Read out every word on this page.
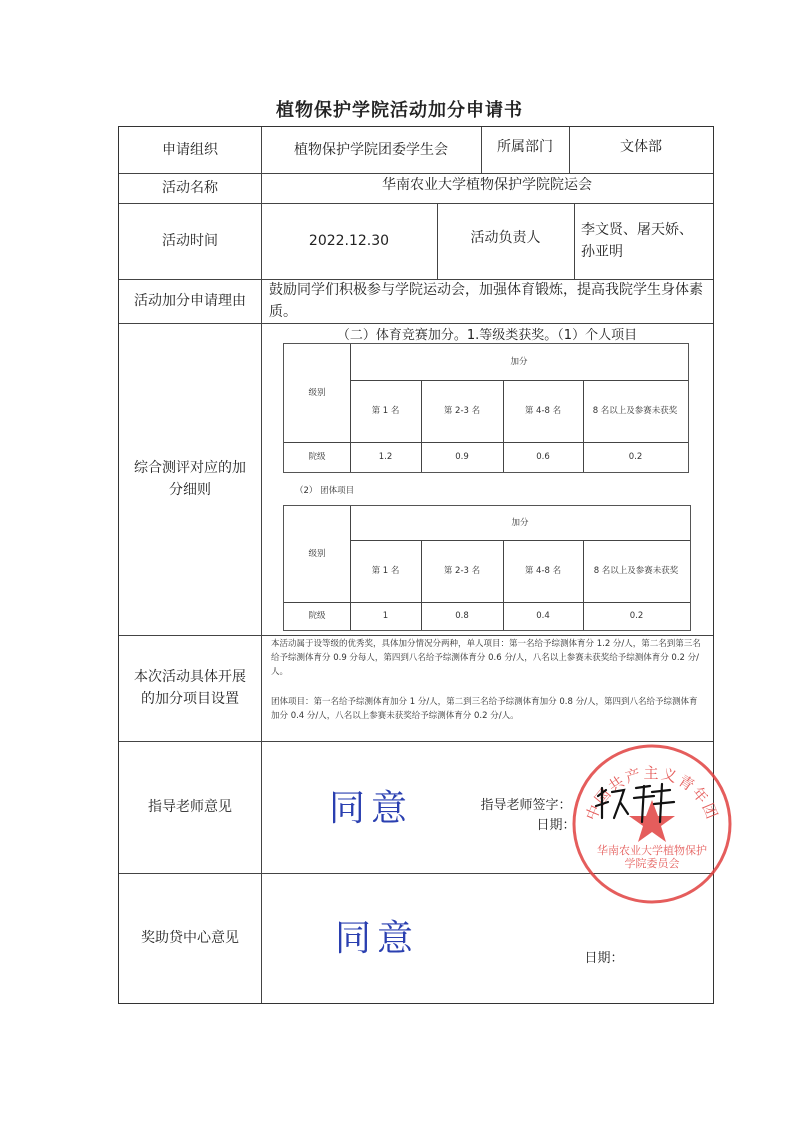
植物保护学院活动加分申请书
申请组织	植物保护学院团委学生会	所属部门	文体部
活动名称	华南农业大学植物保护学院院运会
活动时间	2022.12.30	活动负责人	李文贤、屠天娇、孙亚明
活动加分申请理由
鼓励同学们积极参与学院运动会，加强体育锻炼，提高我院学生身体素质。
综合测评对应的加分细则
（二）体育竞赛加分。1.等级类获奖。（1）个人项目
加分
级别
第 1 名	第 2-3 名	第 4-8 名	8 名以上及参赛未获奖
院级	1.2	0.9	0.6	0.2
（2） 团体项目
加分
级别
第 1 名	第 2-3 名	第 4-8 名	8 名以上及参赛未获奖
院级	1	0.8	0.4	0.2
本次活动具体开展的加分项目设置
本活动属于设等级的优秀奖，具体加分情况分两种，单人项目：第一名给予综测体育分 1.2 分/人，第二名到第三名给予综测体育分 0.9 分每人，第四到八名给予综测体育分 0.6 分/人，八名以上参赛未获奖给予综测体育分 0.2 分/人。
团体项目：第一名给予综测体育加分 1 分/人，第二到三名给予综测体育加分 0.8 分/人，第四到八名给予综测体育加分 0.4 分/人，八名以上参赛未获奖给予综测体育分 0.2 分/人。
指导老师意见	同意	指导老师签字：
日期：
奖助贷中心意见	同意	日期：
中国共产主义青年团
华南农业大学植物保护学院委员会
